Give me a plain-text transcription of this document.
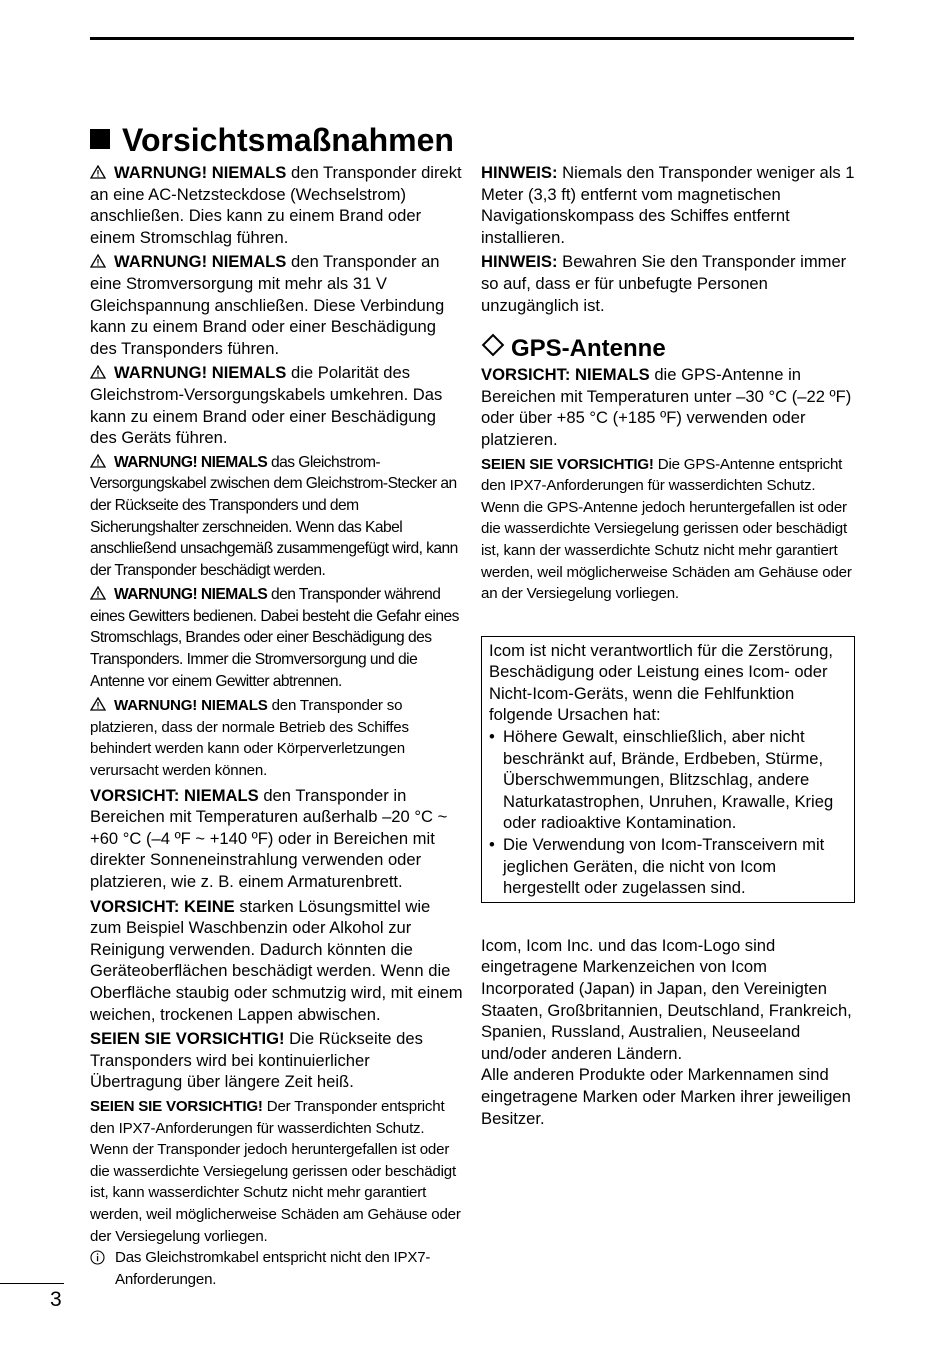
Vorsichtsmaßnahmen

WARNUNG! NIEMALS den Transponder direkt an eine AC-Netzsteckdose (Wechselstrom) anschließen. Dies kann zu einem Brand oder einem Stromschlag führen.

WARNUNG! NIEMALS den Transponder an eine Stromversorgung mit mehr als 31 V Gleichspannung anschließen. Diese Verbindung kann zu einem Brand oder einer Beschädigung des Transponders führen.

WARNUNG! NIEMALS die Polarität des Gleichstrom-Versorgungskabels umkehren. Das kann zu einem Brand oder einer Beschädigung des Geräts führen.

WARNUNG! NIEMALS das Gleichstrom-Versorgungskabel zwischen dem Gleichstrom-Stecker an der Rückseite des Transponders und dem Sicherungshalter zerschneiden. Wenn das Kabel anschließend unsachgemäß zusammengefügt wird, kann der Transponder beschädigt werden.

WARNUNG! NIEMALS den Transponder während eines Gewitters bedienen. Dabei besteht die Gefahr eines Stromschlags, Brandes oder einer Beschädigung des Transponders. Immer die Stromversorgung und die Antenne vor einem Gewitter abtrennen.

WARNUNG! NIEMALS den Transponder so platzieren, dass der normale Betrieb des Schiffes behindert werden kann oder Körperverletzungen verursacht werden können.

VORSICHT: NIEMALS den Transponder in Bereichen mit Temperaturen außerhalb –20 °C ~ +60 °C (–4 ºF ~ +140 ºF) oder in Bereichen mit direkter Sonneneinstrahlung verwenden oder platzieren, wie z. B. einem Armaturenbrett.

VORSICHT: KEINE starken Lösungsmittel wie zum Beispiel Waschbenzin oder Alkohol zur Reinigung verwenden. Dadurch könnten die Geräteoberflächen beschädigt werden. Wenn die Oberfläche staubig oder schmutzig wird, mit einem weichen, trockenen Lappen abwischen.

SEIEN SIE VORSICHTIG! Die Rückseite des Transponders wird bei kontinuierlicher Übertragung über längere Zeit heiß.

SEIEN SIE VORSICHTIG! Der Transponder entspricht den IPX7-Anforderungen für wasserdichten Schutz. Wenn der Transponder jedoch heruntergefallen ist oder die wasserdichte Versiegelung gerissen oder beschädigt ist, kann wasserdichter Schutz nicht mehr garantiert werden, weil möglicherweise Schäden am Gehäuse oder der Versiegelung vorliegen.

Das Gleichstromkabel entspricht nicht den IPX7-Anforderungen.

HINWEIS: Niemals den Transponder weniger als 1 Meter (3,3 ft) entfernt vom magnetischen Navigationskompass des Schiffes entfernt installieren.

HINWEIS: Bewahren Sie den Transponder immer so auf, dass er für unbefugte Personen unzugänglich ist.

GPS-Antenne

VORSICHT: NIEMALS die GPS-Antenne in Bereichen mit Temperaturen unter –30 °C (–22 ºF) oder über +85 °C (+185 ºF) verwenden oder platzieren.

SEIEN SIE VORSICHTIG! Die GPS-Antenne entspricht den IPX7-Anforderungen für wasserdichten Schutz. Wenn die GPS-Antenne jedoch heruntergefallen ist oder die wasserdichte Versiegelung gerissen oder beschädigt ist, kann der wasserdichte Schutz nicht mehr garantiert werden, weil möglicherweise Schäden am Gehäuse oder an der Versiegelung vorliegen.

Icom ist nicht verantwortlich für die Zerstörung, Beschädigung oder Leistung eines Icom- oder Nicht-Icom-Geräts, wenn die Fehlfunktion folgende Ursachen hat:

• Höhere Gewalt, einschließlich, aber nicht beschränkt auf, Brände, Erdbeben, Stürme, Überschwemmungen, Blitzschlag, andere Naturkatastrophen, Unruhen, Krawalle, Krieg oder radioaktive Kontamination.
• Die Verwendung von Icom-Transceivern mit jeglichen Geräten, die nicht von Icom hergestellt oder zugelassen sind.

Icom, Icom Inc. und das Icom-Logo sind eingetragene Markenzeichen von Icom Incorporated (Japan) in Japan, den Vereinigten Staaten, Großbritannien, Deutschland, Frankreich, Spanien, Russland, Australien, Neuseeland und/oder anderen Ländern.

Alle anderen Produkte oder Markennamen sind eingetragene Marken oder Marken ihrer jeweiligen Besitzer.

3
